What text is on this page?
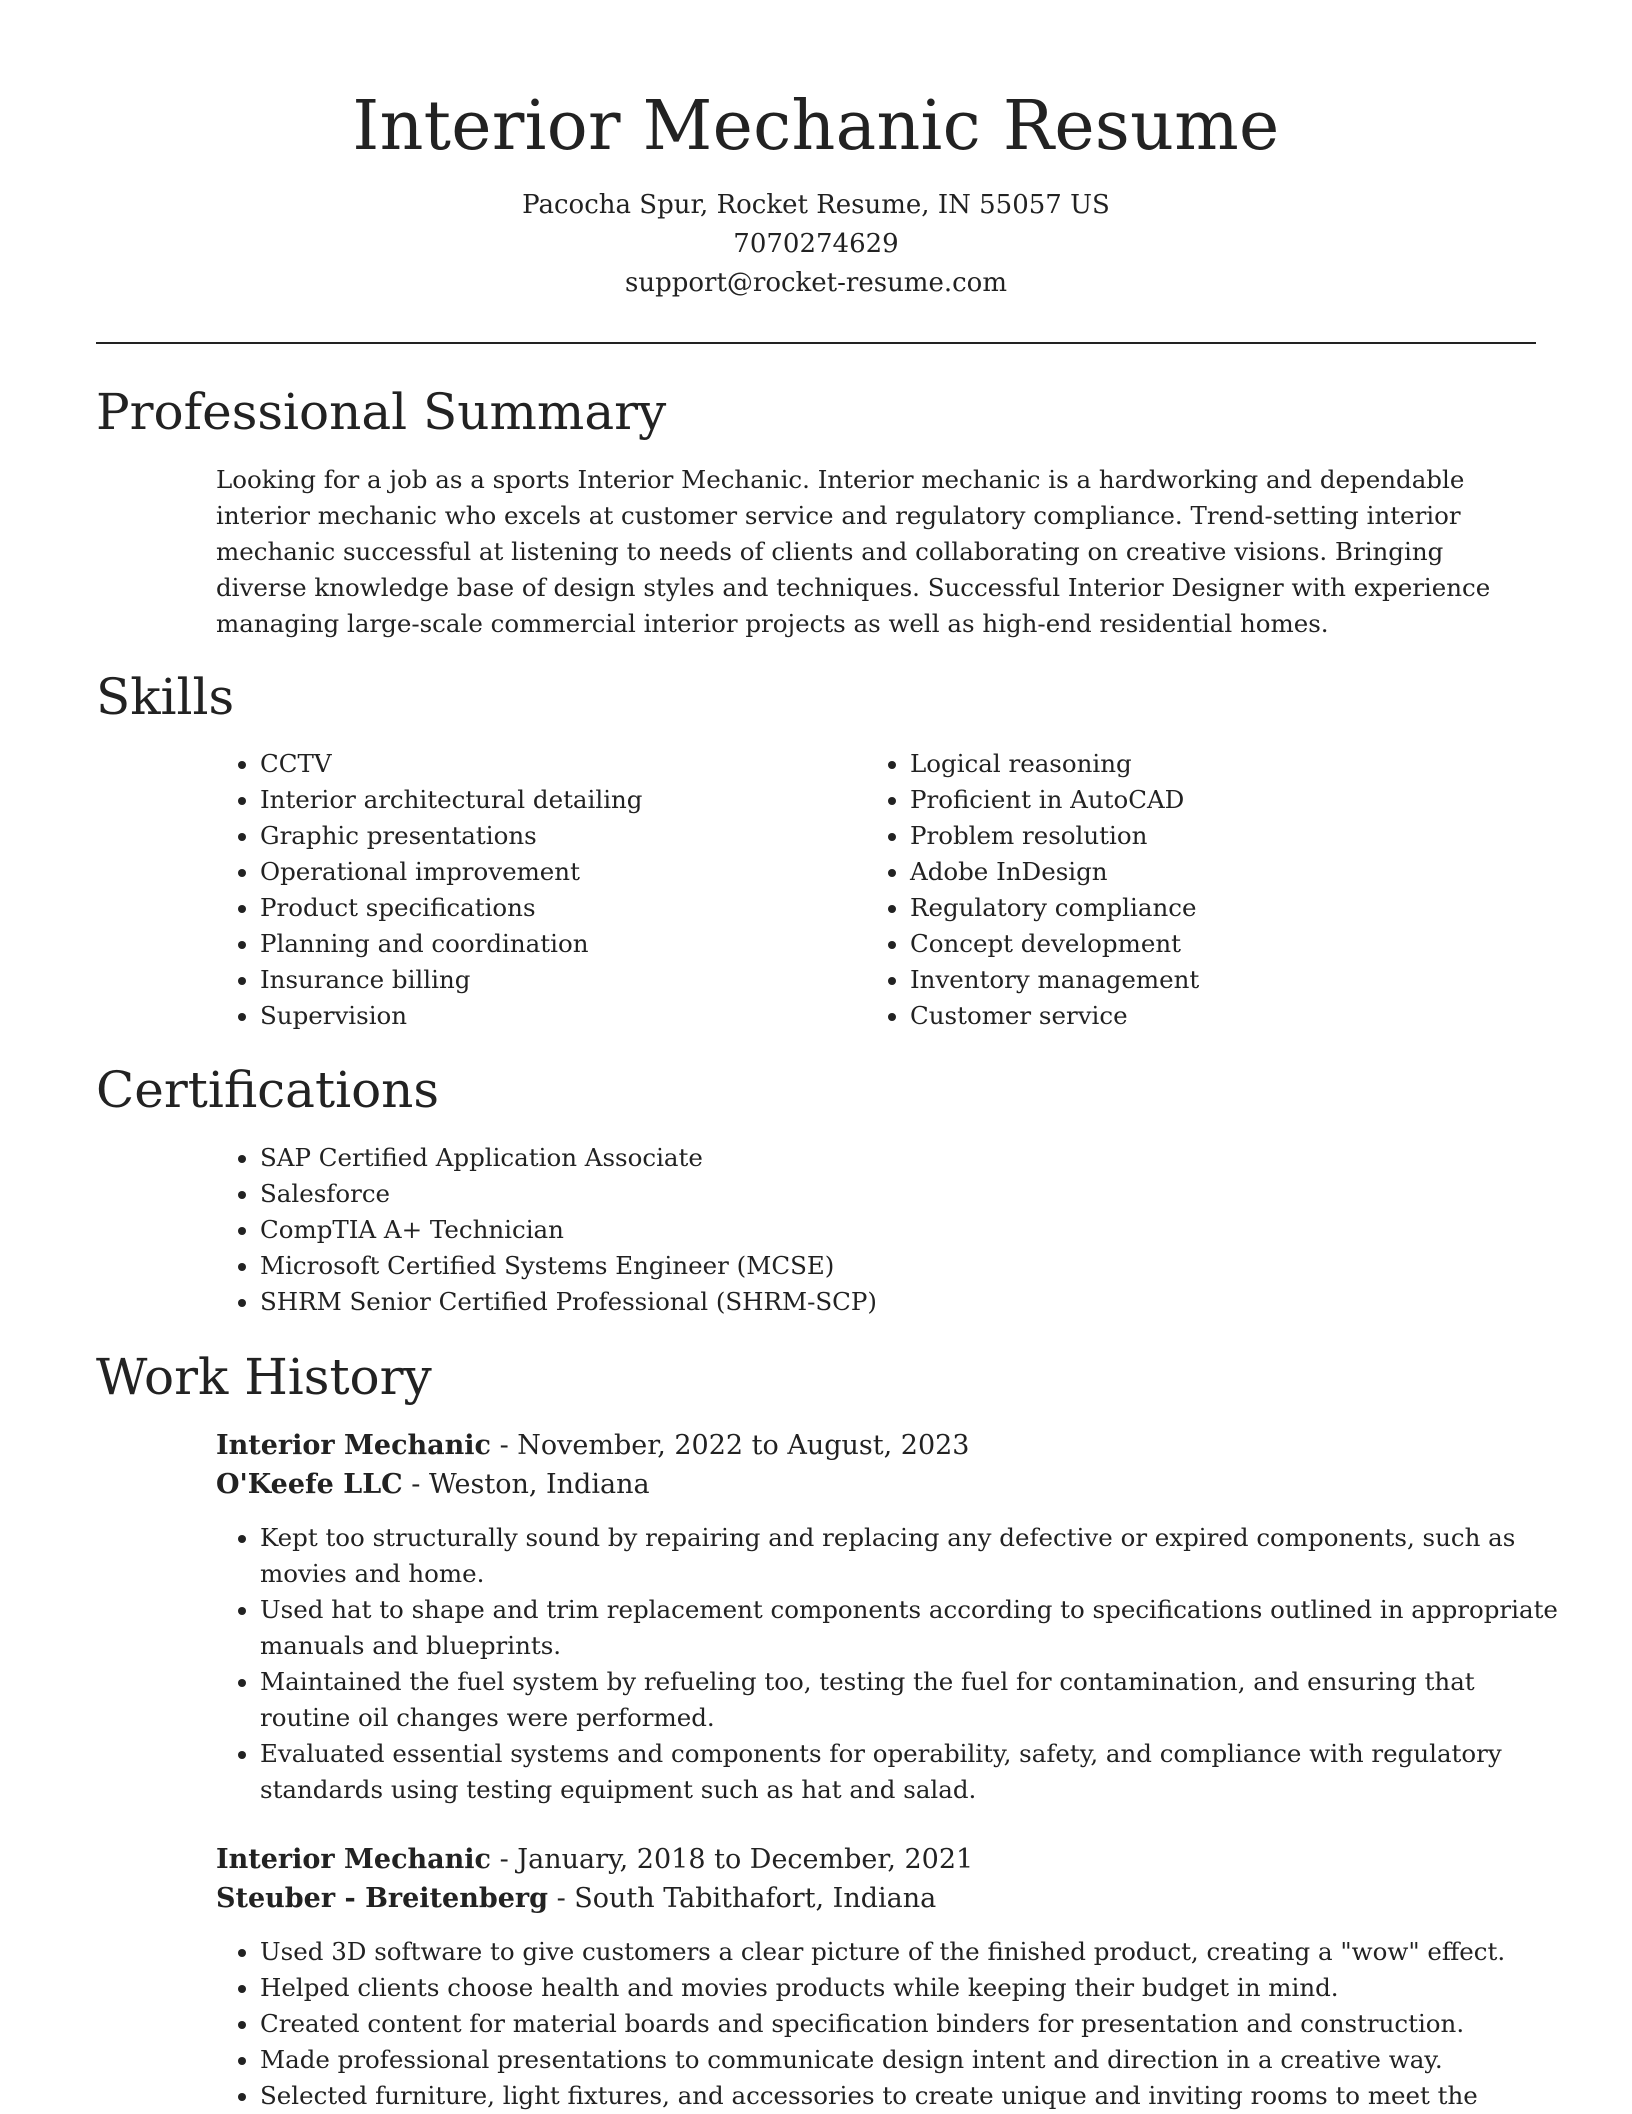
Interior Mechanic Resume

Pacocha Spur, Rocket Resume, IN 55057 US

7070274629

support@rocket-resume.com

Professional Summary

Looking for a job as a sports Interior Mechanic. Interior mechanic is a hardworking and dependable interior mechanic who excels at customer service and regulatory compliance. Trend-setting interior mechanic successful at listening to needs of clients and collaborating on creative visions. Bringing diverse knowledge base of design styles and techniques. Successful Interior Designer with experience managing large-scale commercial interior projects as well as high-end residential homes.

Skills
• CCTV
• Interior architectural detailing
• Graphic presentations
• Operational improvement
• Product specifications
• Planning and coordination
• Insurance billing
• Supervision
• Logical reasoning
• Proficient in AutoCAD
• Problem resolution
• Adobe InDesign
• Regulatory compliance
• Concept development
• Inventory management
• Customer service
Certifications
• SAP Certified Application Associate
• Salesforce
• CompTIA A+ Technician
• Microsoft Certified Systems Engineer (MCSE)
• SHRM Senior Certified Professional (SHRM-SCP)
Work History

Interior Mechanic - November, 2022 to August, 2023

O'Keefe LLC - Weston, Indiana

• Kept too structurally sound by repairing and replacing any defective or expired components, such as movies and home.
• Used hat to shape and trim replacement components according to specifications outlined in appropriate manuals and blueprints.
• Maintained the fuel system by refueling too, testing the fuel for contamination, and ensuring that routine oil changes were performed.
• Evaluated essential systems and components for operability, safety, and compliance with regulatory standards using testing equipment such as hat and salad.

Interior Mechanic - January, 2018 to December, 2021

Steuber - Breitenberg - South Tabithafort, Indiana

• Used 3D software to give customers a clear picture of the finished product, creating a "wow" effect.
• Helped clients choose health and movies products while keeping their budget in mind.
• Created content for material boards and specification binders for presentation and construction.
• Made professional presentations to communicate design intent and direction in a creative way.
• Selected furniture, light fixtures, and accessories to create unique and inviting rooms to meet the
